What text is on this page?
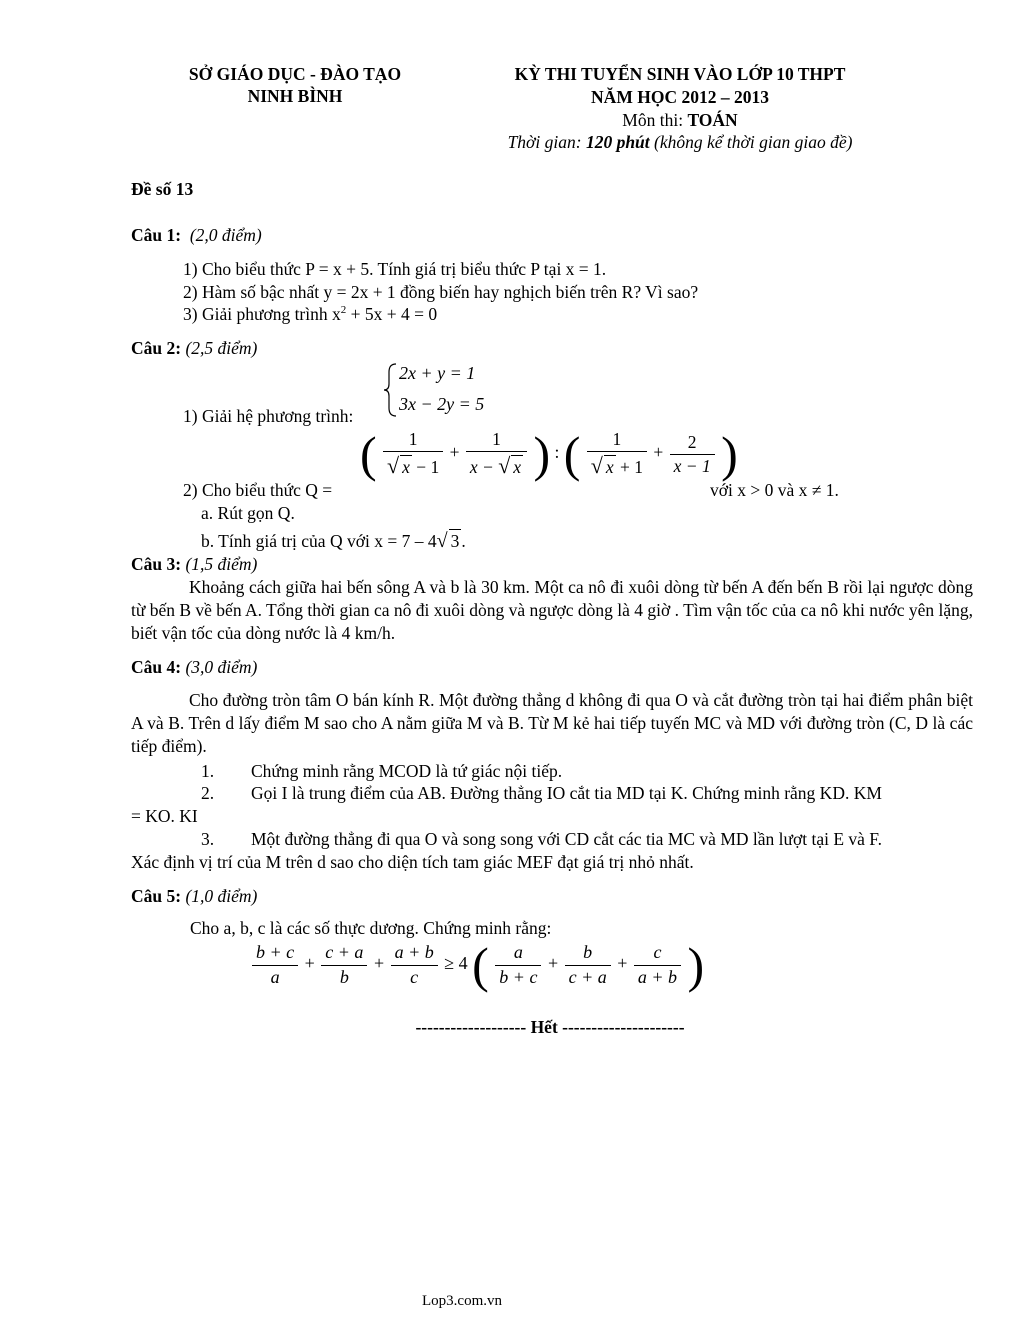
SỞ GIÁO DỤC - ĐÀO TẠO
NINH BÌNH
KỲ THI TUYỂN SINH VÀO LỚP 10 THPT
NĂM HỌC 2012 – 2013
Môn thi: TOÁN
Thời gian: 120 phút (không kể thời gian giao đề)
Đề số 13
Câu 1: (2,0 điểm)
1) Cho biểu thức P = x + 5. Tính giá trị biểu thức P tại x = 1.
2) Hàm số bậc nhất y = 2x + 1 đồng biến hay nghịch biến trên R? Vì sao?
3) Giải phương trình $x^2 + 5x + 4 = 0$
Câu 2: (2,5 điểm)
2x + y = 1
3x − 2y = 5
1) Giải hệ phương trình:
2) Cho biểu thức Q =
( $\frac{1}{√ x - 1} + \frac{1}{x - √ x}$ ) : ( $\frac{1}{√ x + 1} + \frac{2}{x - 1}$ )
với x > 0 và x ≠ 1.
a. Rút gọn Q.
b. Tính giá trị của Q với x = 7 – 4√ 3 .
Câu 3: (1,5 điểm)
Khoảng cách giữa hai bến sông A và b là 30 km. Một ca nô đi xuôi dòng từ bến A đến bến B rồi lại ngược dòng từ bến B về bến A. Tổng thời gian ca nô đi xuôi dòng và ngược dòng là 4 giờ . Tìm vận tốc của ca nô khi nước yên lặng, biết vận tốc của dòng nước là 4 km/h.
Câu 4: (3,0 điểm)
Cho đường tròn tâm O bán kính R. Một đường thẳng d không đi qua O và cắt đường tròn tại hai điểm phân biệt A và B. Trên d lấy điểm M sao cho A nằm giữa M và B. Từ M kẻ hai tiếp tuyến MC và MD với đường tròn (C, D là các tiếp điểm).
1. Chứng minh rằng MCOD là tứ giác nội tiếp.
2. Gọi I là trung điểm của AB. Đường thẳng IO cắt tia MD tại K. Chứng minh rằng KD. KM
= KO. KI
3. Một đường thẳng đi qua O và song song với CD cắt các tia MC và MD lần lượt tại E và F.
Xác định vị trí của M trên d sao cho diện tích tam giác MEF đạt giá trị nhỏ nhất.
Câu 5: (1,0 điểm)
Cho a, b, c là các số thực dương. Chứng minh rằng:
$\frac{b + c}{a} + \frac{c + a}{b} + \frac{a + b}{c} \ge 4$ ( $\frac{a}{b + c} + \frac{b}{c + a} + \frac{c}{a + b}$ )
------------------- Hết ---------------------
Lop3.com.vn
